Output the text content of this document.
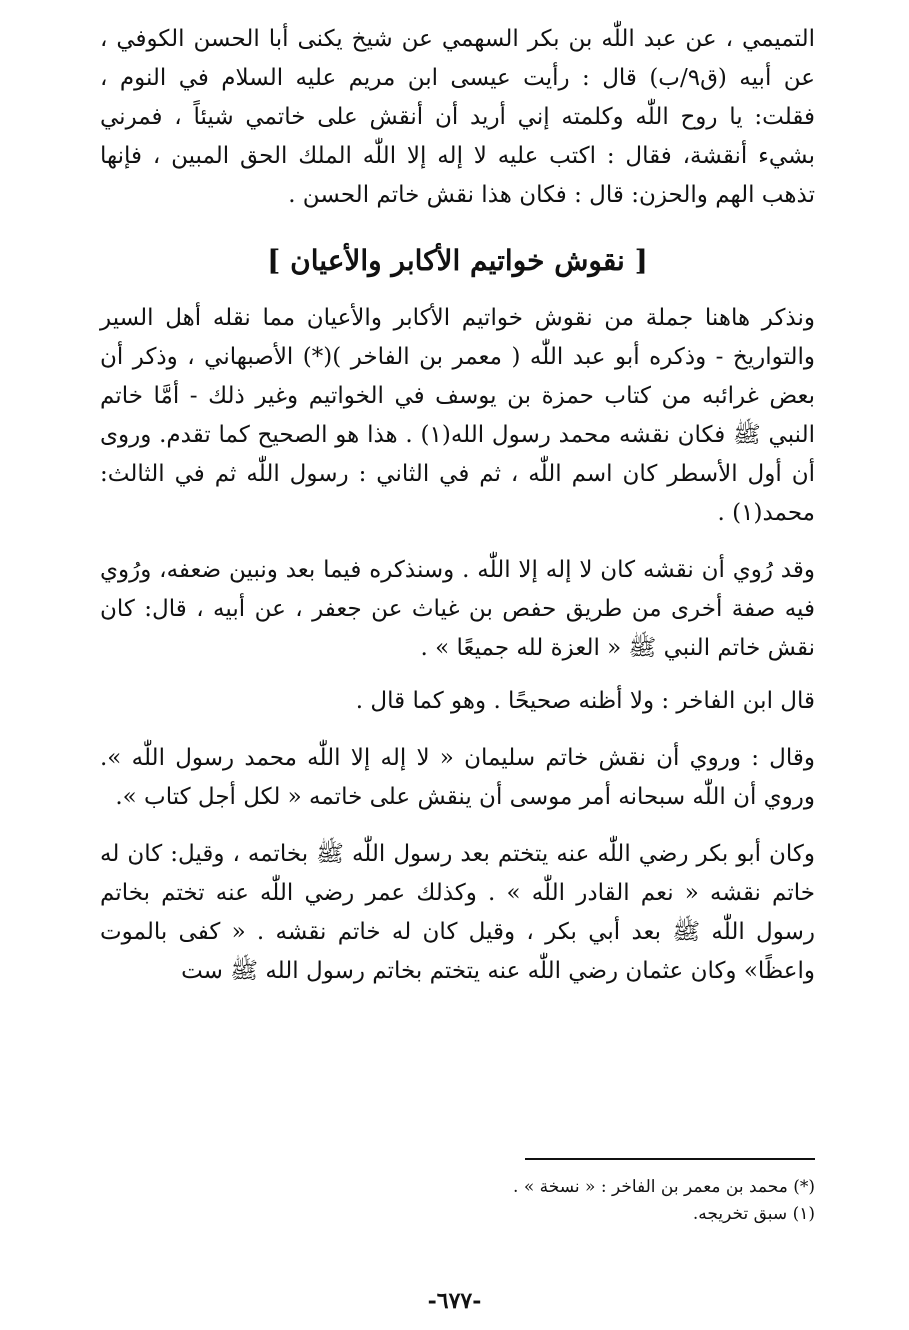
التميمي ، عن عبد اللّٰه بن بكر السهمي عن شيخ يكنى أبا الحسن الكوفي ، عن أبيه (ق٩/ب) قال : رأيت عيسى ابن مريم عليه السلام في النوم ، فقلت: يا روح اللّٰه وكلمته إني أريد أن أنقش على خاتمي شيئاً ، فمرني بشيء أنقشة، فقال : اكتب عليه لا إله إلا اللّٰه الملك الحق المبين ، فإنها تذهب الهم والحزن: قال : فكان هذا نقش خاتم الحسن .

[ نقوش خواتيم الأكابر والأعيان ]

ونذكر هاهنا جملة من نقوش خواتيم الأكابر والأعيان مما نقله أهل السير والتواريخ - وذكره أبو عبد اللّٰه ( معمر بن الفاخر )(*) الأصبهاني ، وذكر أن بعض غرائبه من كتاب حمزة بن يوسف في الخواتيم وغير ذلك - أمَّا خاتم النبي ﷺ فكان نقشه محمد رسول الله(١) . هذا هو الصحيح كما تقدم. وروى أن أول الأسطر كان اسم اللّٰه ، ثم في الثاني : رسول اللّٰه ثم في الثالث: محمد(١) .

وقد رُوي أن نقشه كان لا إله إلا اللّٰه . وسنذكره فيما بعد ونبين ضعفه، ورُوي فيه صفة أخرى من طريق حفص بن غياث عن جعفر ، عن أبيه ، قال: كان نقش خاتم النبي ﷺ « العزة لله جميعًا » .

قال ابن الفاخر : ولا أظنه صحيحًا . وهو كما قال .

وقال : وروي أن نقش خاتم سليمان « لا إله إلا اللّٰه محمد رسول اللّٰه ». وروي أن اللّٰه سبحانه أمر موسى أن ينقش على خاتمه « لكل أجل كتاب ».

وكان أبو بكر رضي اللّٰه عنه يتختم بعد رسول اللّٰه ﷺ بخاتمه ، وقيل: كان له خاتم نقشه « نعم القادر اللّٰه » . وكذلك عمر رضي اللّٰه عنه تختم بخاتم رسول اللّٰه ﷺ بعد أبي بكر ، وقيل كان له خاتم نقشه . « كفى بالموت واعظًا» وكان عثمان رضي اللّٰه عنه يتختم بخاتم رسول الله ﷺ ست

(*) محمد بن معمر بن الفاخر : « نسخة » .

(١) سبق تخريجه.

-٦٧٧-
